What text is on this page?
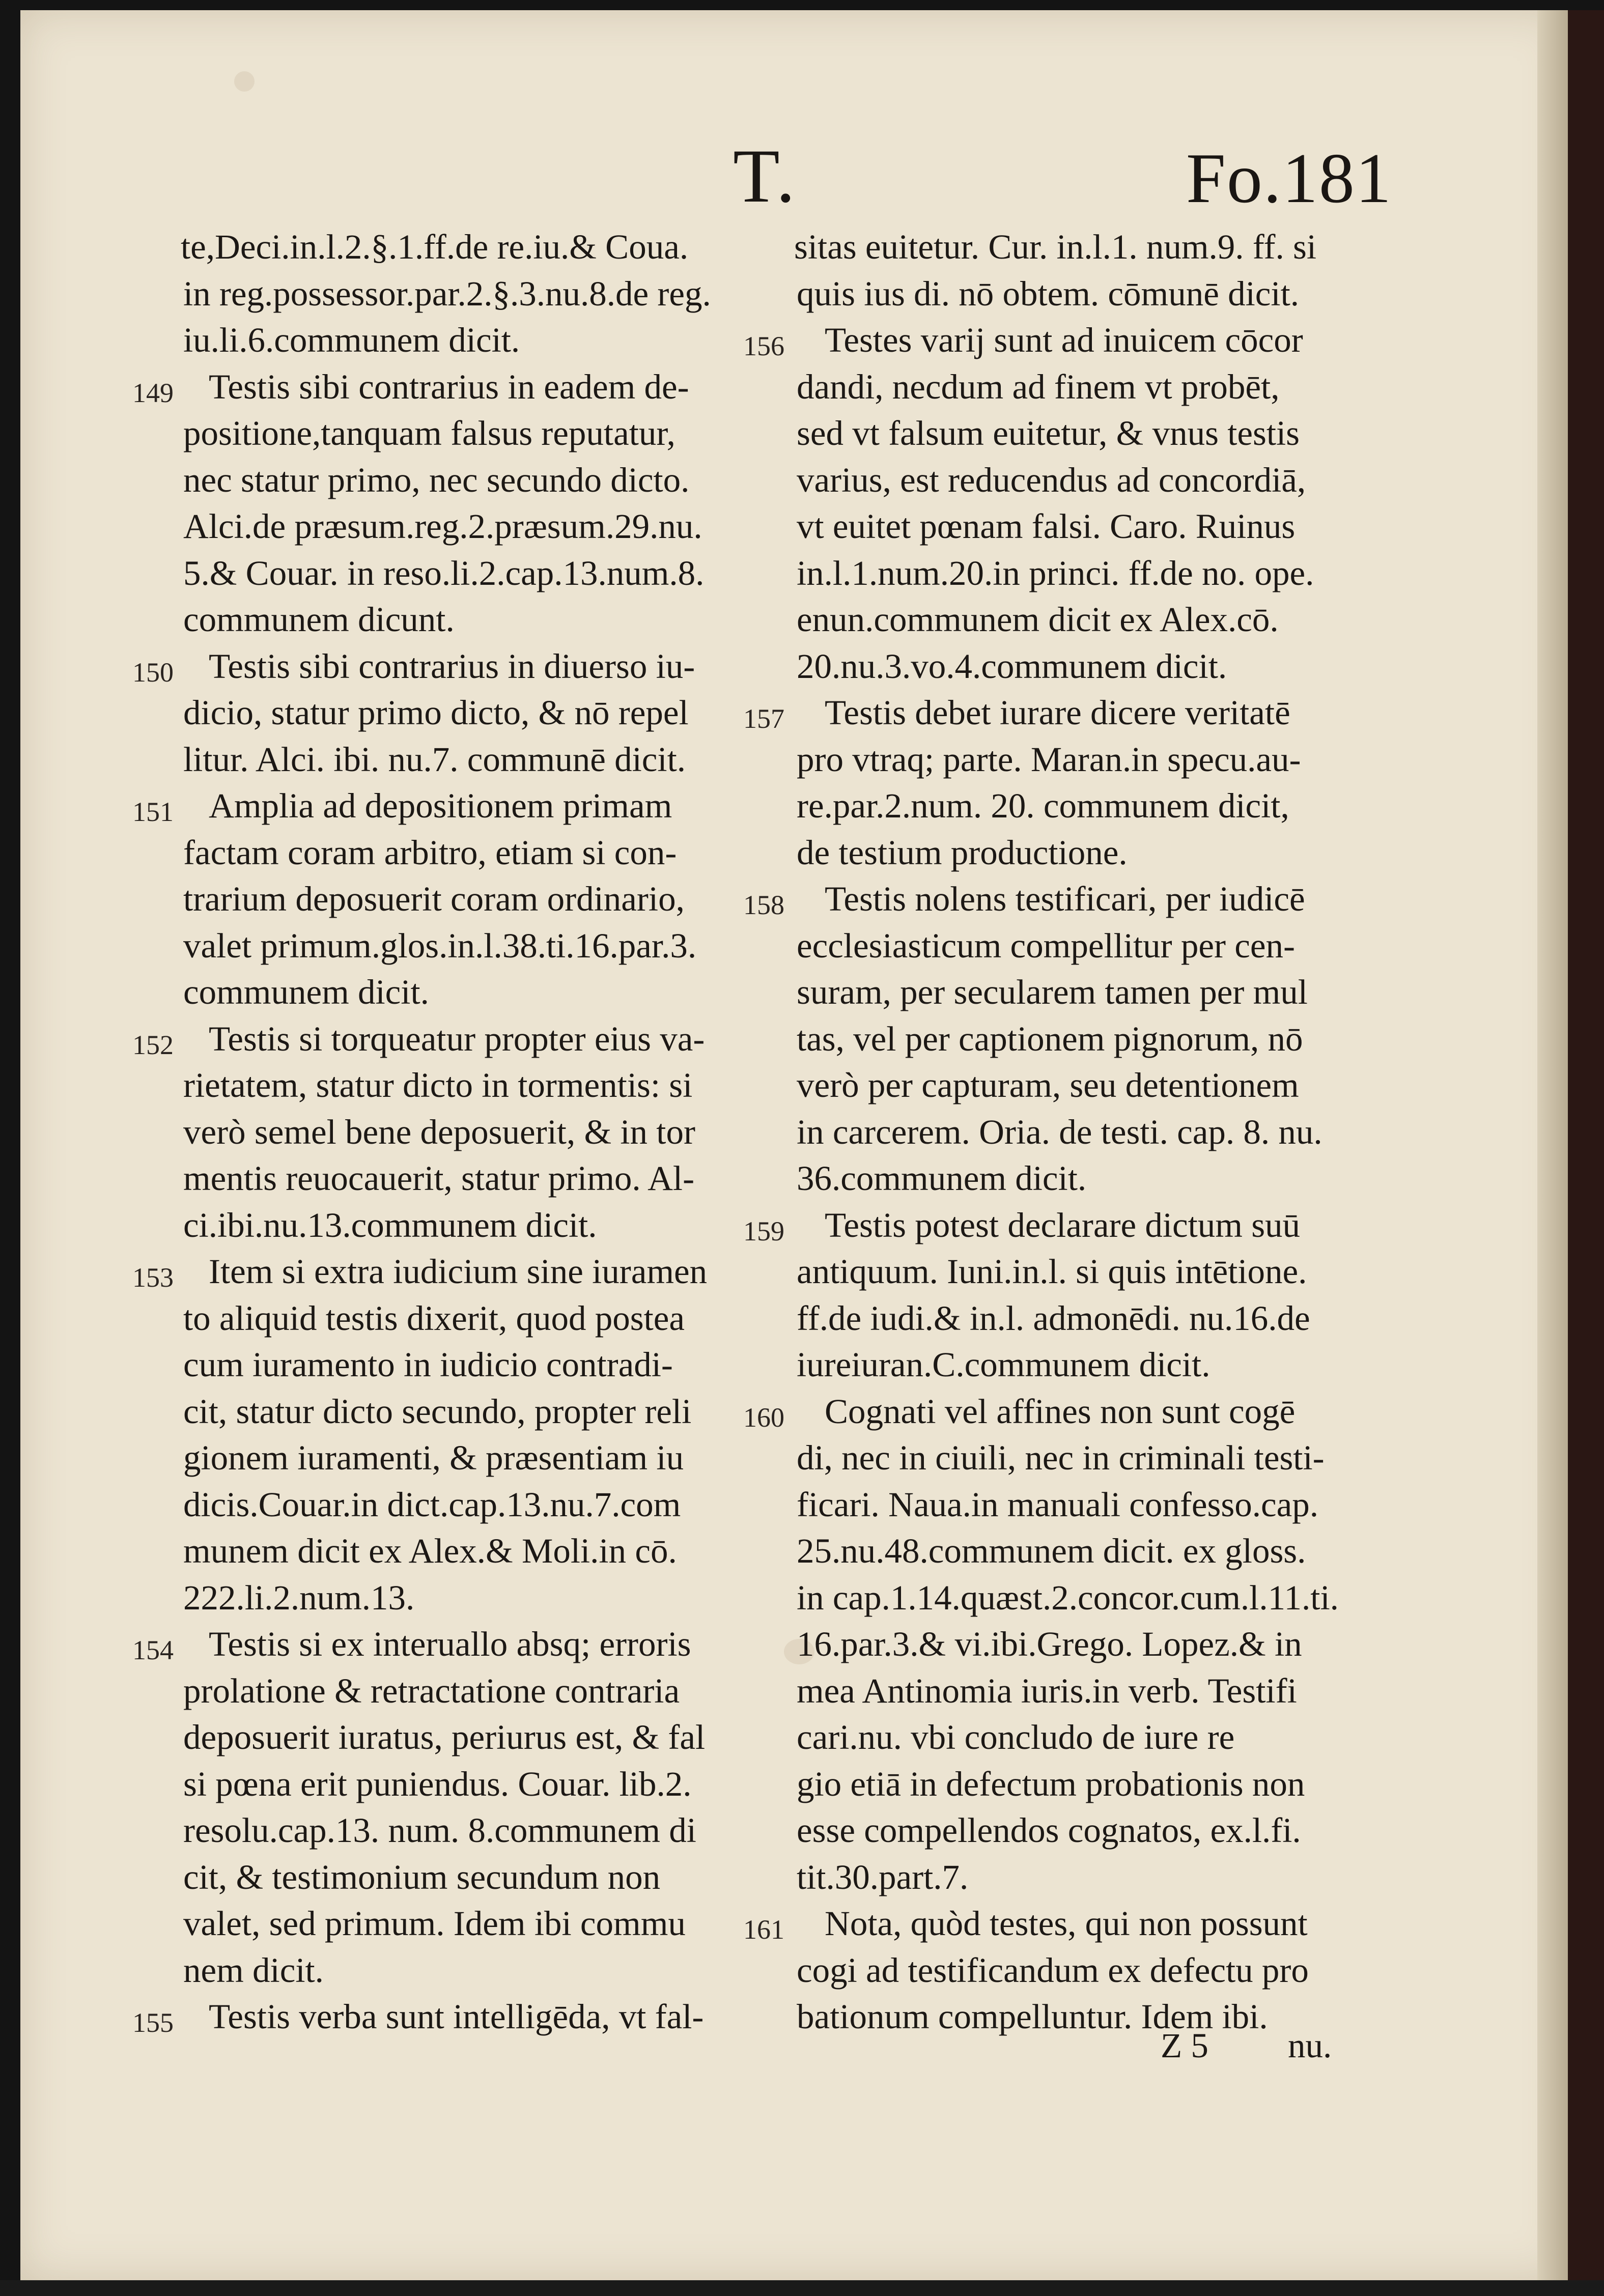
T.	Fo.181
te,Deci.in.l.2.§.1.ff.de re.iu.& Coua.
in reg.possessor.par.2.§.3.nu.8.de reg.
iu.li.6.communem dicit.
149 Testis sibi contrarius in eadem de-
positione,tanquam falsus reputatur,
nec statur primo, nec secundo dicto.
Alci.de præsum.reg.2.præsum.29.nu.
5.& Couar. in reso.li.2.cap.13.num.8.
communem dicunt.
150 Testis sibi contrarius in diuerso iu-
dicio, statur primo dicto, & nō repel
litur. Alci. ibi. nu.7. communē dicit.
151 Amplia ad depositionem primam
factam coram arbitro, etiam si con-
trarium deposuerit coram ordinario,
valet primum.glos.in.l.38.ti.16.par.3.
communem dicit.
152 Testis si torqueatur propter eius va-
rietatem, statur dicto in tormentis: si
verò semel bene deposuerit, & in tor
mentis reuocauerit, statur primo. Al-
ci.ibi.nu.13.communem dicit.
153 Item si extra iudicium sine iuramen
to aliquid testis dixerit, quod postea
cum iuramento in iudicio contradi-
cit, statur dicto secundo, propter reli
gionem iuramenti, & præsentiam iu
dicis.Couar.in dict.cap.13.nu.7.com
munem dicit ex Alex.& Moli.in cō.
222.li.2.num.13.
154 Testis si ex interuallo absq; erroris
prolatione & retractatione contraria
deposuerit iuratus, periurus est, & fal
si pœna erit puniendus. Couar. lib.2.
resolu.cap.13. num. 8.communem di
cit, & testimonium secundum non
valet, sed primum. Idem ibi commu
nem dicit.
155 Testis verba sunt intelligēda, vt fal-
sitas euitetur. Cur. in.l.1. num.9. ff. si
quis ius di. nō obtem. cōmunē dicit.
156 Testes varij sunt ad inuicem cōcor
dandi, necdum ad finem vt probēt,
sed vt falsum euitetur, & vnus testis
varius, est reducendus ad concordiā,
vt euitet pœnam falsi. Caro. Ruinus
in.l.1.num.20.in princi. ff.de no. ope.
enun.communem dicit ex Alex.cō.
20.nu.3.vo.4.communem dicit.
157 Testis debet iurare dicere veritatē
pro vtraq; parte. Maran.in specu.au-
re.par.2.num. 20. communem dicit,
de testium productione.
158 Testis nolens testificari, per iudicē
ecclesiasticum compellitur per cen-
suram, per secularem tamen per mul
tas, vel per captionem pignorum, nō
verò per capturam, seu detentionem
in carcerem. Oria. de testi. cap. 8. nu.
36.communem dicit.
159 Testis potest declarare dictum suū
antiquum. Iuni.in.l. si quis intētione.
ff.de iudi.& in.l. admonēdi. nu.16.de
iureiuran.C.communem dicit.
160 Cognati vel affines non sunt cogē
di, nec in ciuili, nec in criminali testi-
ficari. Naua.in manuali confesso.cap.
25.nu.48.communem dicit. ex gloss.
in cap.1.14.quæst.2.concor.cum.l.11.ti.
16.par.3.& vi.ibi.Grego. Lopez.& in
mea Antinomia iuris.in verb. Testifi
cari.nu. vbi concludo de iure re
gio etiā in defectum probationis non
esse compellendos cognatos, ex.l.fi.
tit.30.part.7.
161 Nota, quòd testes, qui non possunt
cogi ad testificandum ex defectu pro
bationum compelluntur. Idem ibi.
Z 5 nu.
